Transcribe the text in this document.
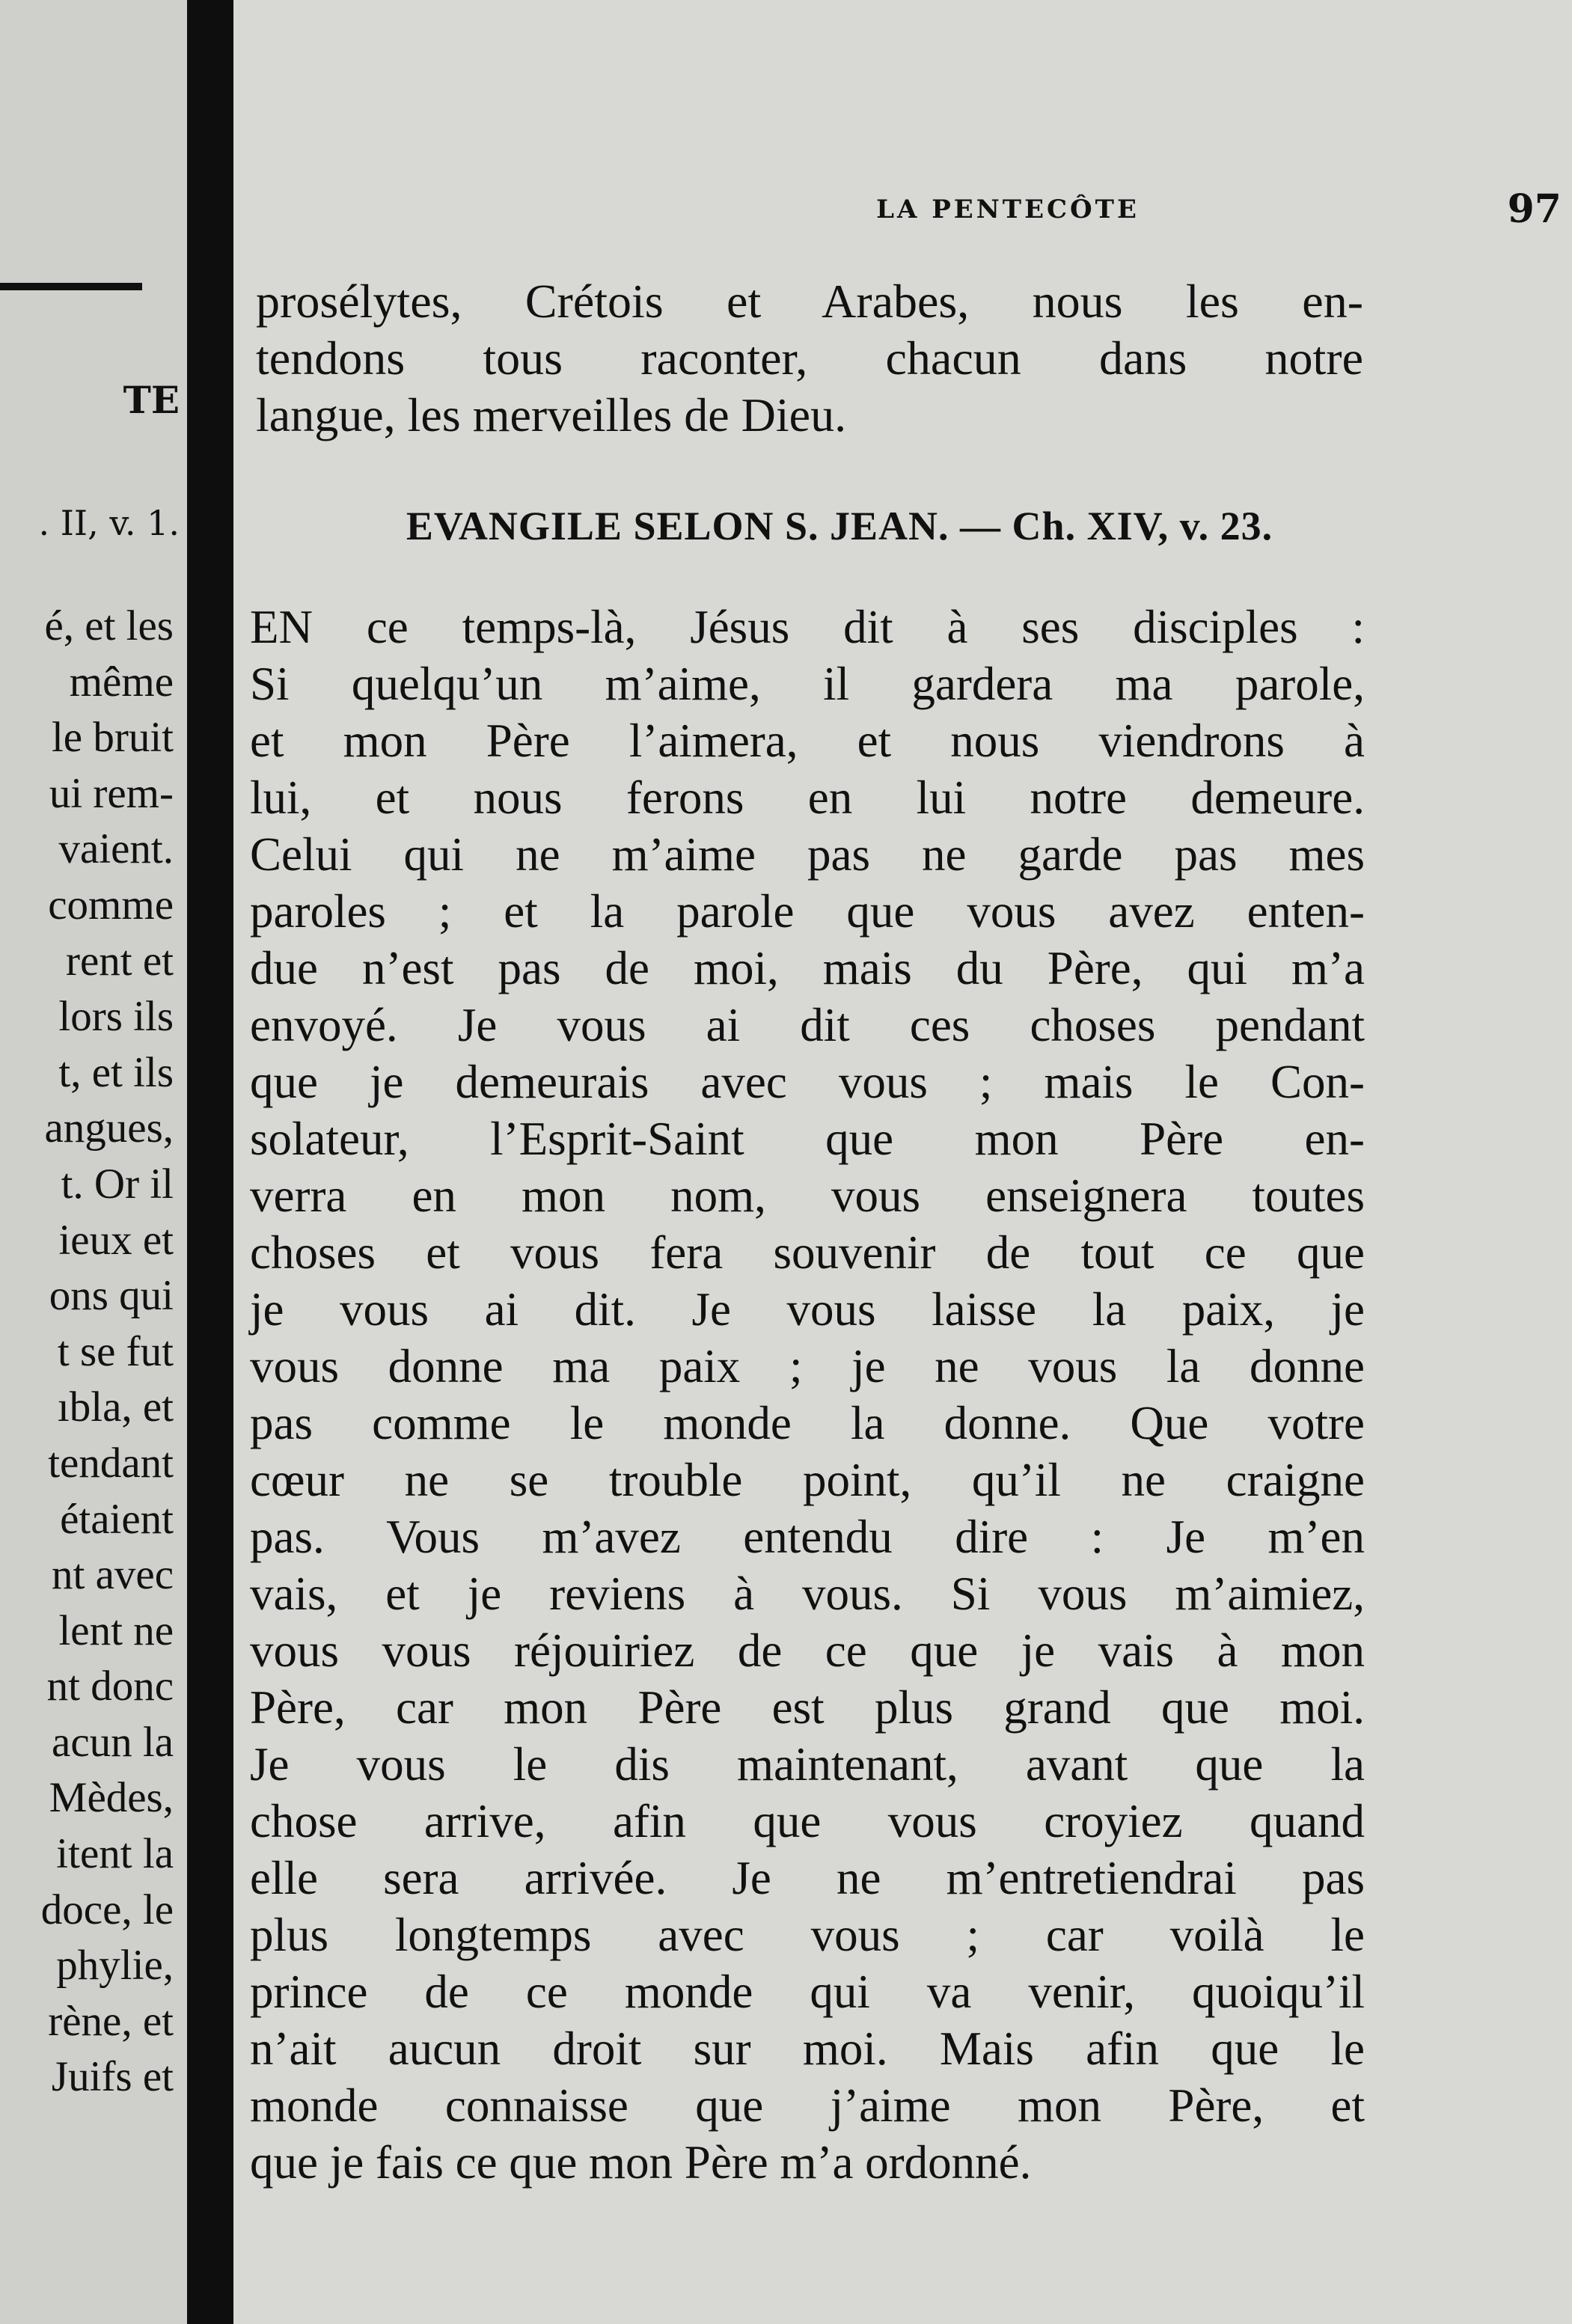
TE
. II, v. 1.
é, et les
même
le bruit
ui rem-
vaient.
comme
rent et
lors ils
t, et ils
angues,
t. Or il
ieux et
ons qui
t se fut
ıbla, et
tendant
étaient
nt avec
lent ne
nt donc
acun la
Mèdes,
itent la
doce, le
phylie,
rène, et
Juifs et
LA PENTECÔTE	97
prosélytes, Crétois et Arabes, nous les en-
tendons tous raconter, chacun dans notre
langue, les merveilles de Dieu.
EVANGILE SELON S. JEAN. — Ch. XIV, v. 23.
EN ce temps-là, Jésus dit à ses disciples :
Si quelqu’un m’aime, il gardera ma parole,
et mon Père l’aimera, et nous viendrons à
lui, et nous ferons en lui notre demeure.
Celui qui ne m’aime pas ne garde pas mes
paroles ; et la parole que vous avez enten-
due n’est pas de moi, mais du Père, qui m’a
envoyé. Je vous ai dit ces choses pendant
que je demeurais avec vous ; mais le Con-
solateur, l’Esprit-Saint que mon Père en-
verra en mon nom, vous enseignera toutes
choses et vous fera souvenir de tout ce que
je vous ai dit. Je vous laisse la paix, je
vous donne ma paix ; je ne vous la donne
pas comme le monde la donne. Que votre
cœur ne se trouble point, qu’il ne craigne
pas. Vous m’avez entendu dire : Je m’en
vais, et je reviens à vous. Si vous m’aimiez,
vous vous réjouiriez de ce que je vais à mon
Père, car mon Père est plus grand que moi.
Je vous le dis maintenant, avant que la
chose arrive, afin que vous croyiez quand
elle sera arrivée. Je ne m’entretiendrai pas
plus longtemps avec vous ; car voilà le
prince de ce monde qui va venir, quoiqu’il
n’ait aucun droit sur moi. Mais afin que le
monde connaisse que j’aime mon Père, et
que je fais ce que mon Père m’a ordonné.
